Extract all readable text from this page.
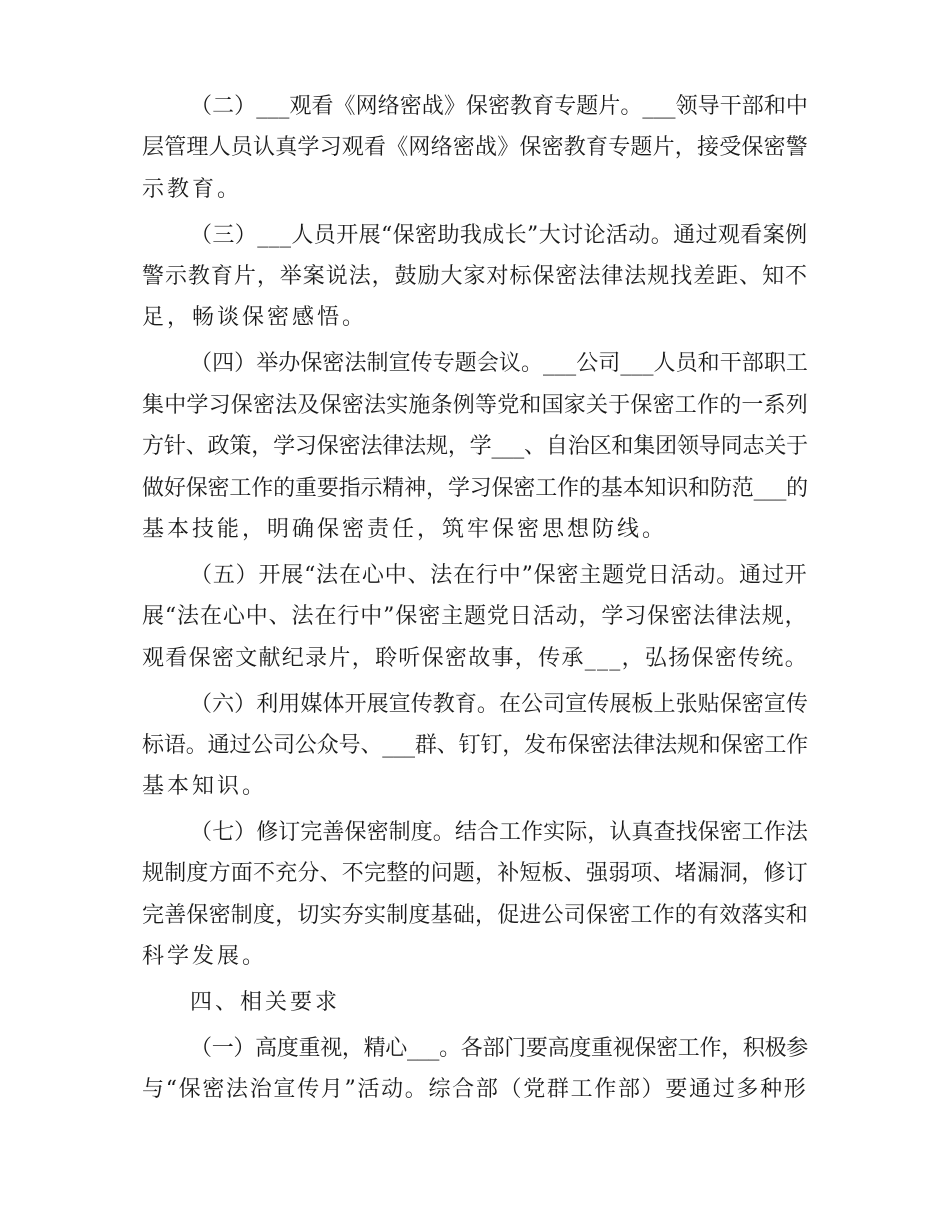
（二）___观看《网络密战》保密教育专题片。___领导干部和中
层管理人员认真学习观看《网络密战》保密教育专题片，接受保密警
示教育。
（三）___人员开展“保密助我成长”大讨论活动。通过观看案例
警示教育片，举案说法，鼓励大家对标保密法律法规找差距、知不
足，畅谈保密感悟。
（四）举办保密法制宣传专题会议。___公司___人员和干部职工
集中学习保密法及保密法实施条例等党和国家关于保密工作的一系列
方针、政策，学习保密法律法规，学___、自治区和集团领导同志关于
做好保密工作的重要指示精神，学习保密工作的基本知识和防范___的
基本技能，明确保密责任，筑牢保密思想防线。
（五）开展“法在心中、法在行中”保密主题党日活动。通过开
展“法在心中、法在行中”保密主题党日活动，学习保密法律法规，
观看保密文献纪录片，聆听保密故事，传承___，弘扬保密传统。
（六）利用媒体开展宣传教育。在公司宣传展板上张贴保密宣传
标语。通过公司公众号、___群、钉钉，发布保密法律法规和保密工作
基本知识。
（七）修订完善保密制度。结合工作实际，认真查找保密工作法
规制度方面不充分、不完整的问题，补短板、强弱项、堵漏洞，修订
完善保密制度，切实夯实制度基础，促进公司保密工作的有效落实和
科学发展。
四、相关要求
（一）高度重视，精心___。各部门要高度重视保密工作，积极参
与“保密法治宣传月”活动。综合部（党群工作部）要通过多种形
